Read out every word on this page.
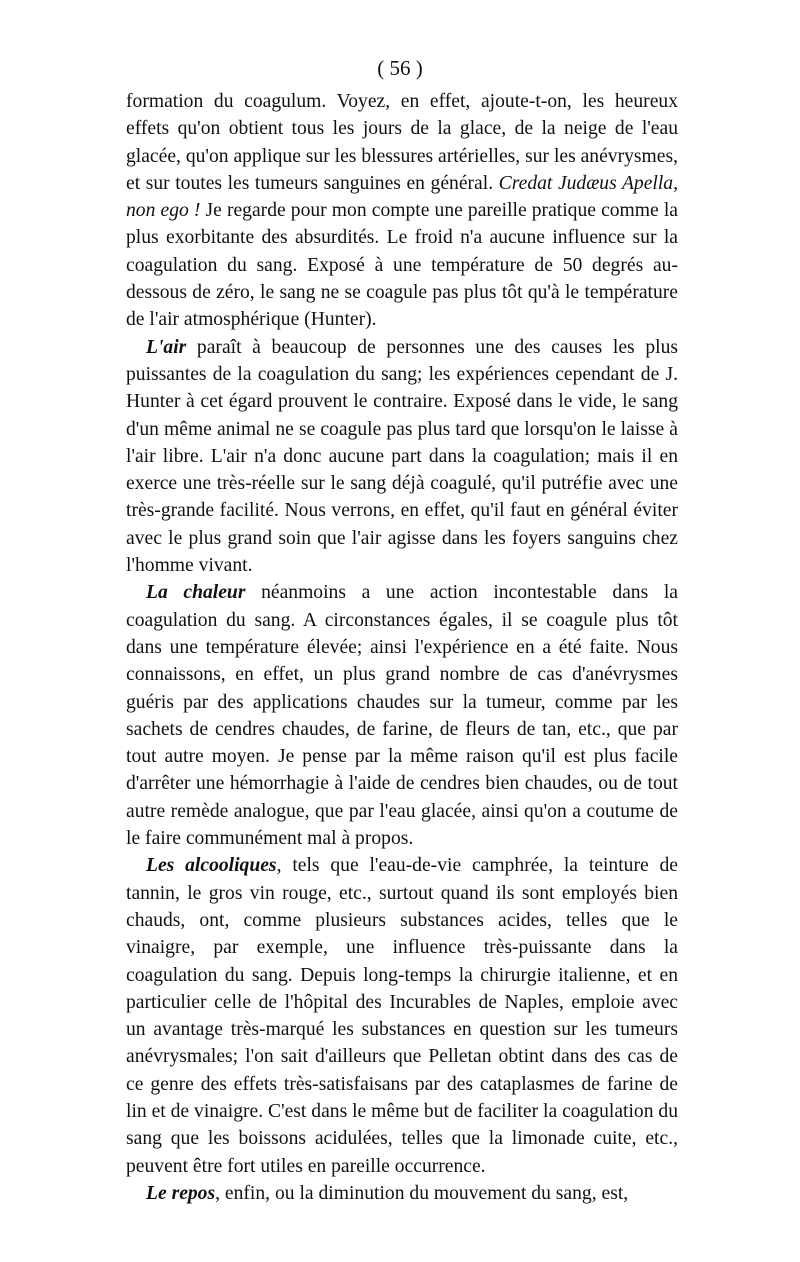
( 56 )

formation du coagulum. Voyez, en effet, ajoute-t-on, les heureux effets qu'on obtient tous les jours de la glace, de la neige de l'eau glacée, qu'on applique sur les blessures artérielles, sur les anévrysmes, et sur toutes les tumeurs sanguines en général. Credat Judæus Apella, non ego ! Je regarde pour mon compte une pareille pratique comme la plus exorbitante des absurdités. Le froid n'a aucune influence sur la coagulation du sang. Exposé à une température de 50 degrés au-dessous de zéro, le sang ne se coagule pas plus tôt qu'à le température de l'air atmosphérique (Hunter).

L'air paraît à beaucoup de personnes une des causes les plus puissantes de la coagulation du sang; les expériences cependant de J. Hunter à cet égard prouvent le contraire. Exposé dans le vide, le sang d'un même animal ne se coagule pas plus tard que lorsqu'on le laisse à l'air libre. L'air n'a donc aucune part dans la coagulation; mais il en exerce une très-réelle sur le sang déjà coagulé, qu'il putréfie avec une très-grande facilité. Nous verrons, en effet, qu'il faut en général éviter avec le plus grand soin que l'air agisse dans les foyers sanguins chez l'homme vivant.

La chaleur néanmoins a une action incontestable dans la coagulation du sang. A circonstances égales, il se coagule plus tôt dans une température élevée; ainsi l'expérience en a été faite. Nous connaissons, en effet, un plus grand nombre de cas d'anévrysmes guéris par des applications chaudes sur la tumeur, comme par les sachets de cendres chaudes, de farine, de fleurs de tan, etc., que par tout autre moyen. Je pense par la même raison qu'il est plus facile d'arrêter une hémorrhagie à l'aide de cendres bien chaudes, ou de tout autre remède analogue, que par l'eau glacée, ainsi qu'on a coutume de le faire communément mal à propos.

Les alcooliques, tels que l'eau-de-vie camphrée, la teinture de tannin, le gros vin rouge, etc., surtout quand ils sont employés bien chauds, ont, comme plusieurs substances acides, telles que le vinaigre, par exemple, une influence très-puissante dans la coagulation du sang. Depuis long-temps la chirurgie italienne, et en particulier celle de l'hôpital des Incurables de Naples, emploie avec un avantage très-marqué les substances en question sur les tumeurs anévrysmales; l'on sait d'ailleurs que Pelletan obtint dans des cas de ce genre des effets très-satisfaisans par des cataplasmes de farine de lin et de vinaigre. C'est dans le même but de faciliter la coagulation du sang que les boissons acidulées, telles que la limonade cuite, etc., peuvent être fort utiles en pareille occurrence.

Le repos, enfin, ou la diminution du mouvement du sang, est,
